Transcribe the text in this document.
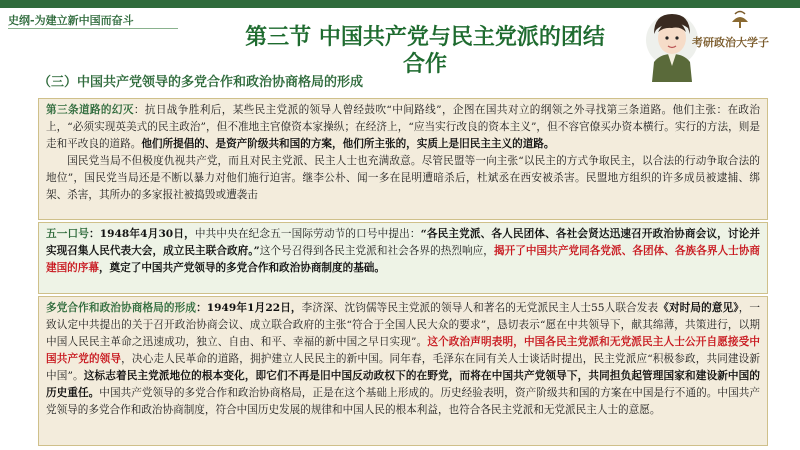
史纲-为建立新中国而奋斗
第三节 中国共产党与民主党派的团结
合作
考研政治大学子
（三）中国共产党领导的多党合作和政治协商格局的形成

第三条道路的幻灭：抗日战争胜利后，某些民主党派的领导人曾经鼓吹“中间路线”，企图在国共对立的纲领之外寻找第三条道路。他们主张：在政治上，“必须实现英美式的民主政治”，但不准地主官僚资本家操纵；在经济上，“应当实行改良的资本主义”，但不容官僚买办资本横行。实行的方法，则是走和平改良的道路。他们所提倡的、是资产阶级共和国的方案，他们所主张的，实质上是旧民主主义的道路。

国民党当局不但极度仇视共产党，而且对民主党派、民主人士也充满敌意。尽管民盟等一向主张“以民主的方式争取民主，以合法的行动争取合法的地位”，国民党当局还是不断以暴力对他们施行迫害。继李公朴、闻一多在昆明遭暗杀后，杜斌丞在西安被杀害。民盟地方组织的许多成员被逮捕、绑架、杀害，其所办的多家报社被捣毁或遭袭击

五一口号：1948年4月30日，中共中央在纪念五一国际劳动节的口号中提出：“各民主党派、各人民团体、各社会贤达迅速召开政治协商会议，讨论并实现召集人民代表大会，成立民主联合政府。”这个号召得到各民主党派和社会各界的热烈响应，揭开了中国共产党同各党派、各团体、各族各界人士协商建国的序幕，奠定了中国共产党领导的多党合作和政治协商制度的基础。

多党合作和政治协商格局的形成：1949年1月22日，李济深、沈钧儒等民主党派的领导人和著名的无党派民主人士55人联合发表《对时局的意见》，一致认定中共提出的关于召开政治协商会议、成立联合政府的主张“符合于全国人民大众的要求”，恳切表示“愿在中共领导下，献其绵薄，共策进行，以期中国人民民主革命之迅速成功，独立、自由、和平、幸福的新中国之早日实现”。这个政治声明表明，中国各民主党派和无党派民主人士公开自愿接受中国共产党的领导，决心走人民革命的道路，拥护建立人民民主的新中国。同年春，毛泽东在同有关人士谈话时提出，民主党派应“积极参政，共同建设新中国”。这标志着民主党派地位的根本变化，即它们不再是旧中国反动政权下的在野党，而将在中国共产党领导下，共同担负起管理国家和建设新中国的历史重任。中国共产党领导的多党合作和政治协商格局，正是在这个基础上形成的。历史经验表明，资产阶级共和国的方案在中国是行不通的。中国共产党领导的多党合作和政治协商制度，符合中国历史发展的规律和中国人民的根本利益，也符合各民主党派和无党派民主人士的意愿。
